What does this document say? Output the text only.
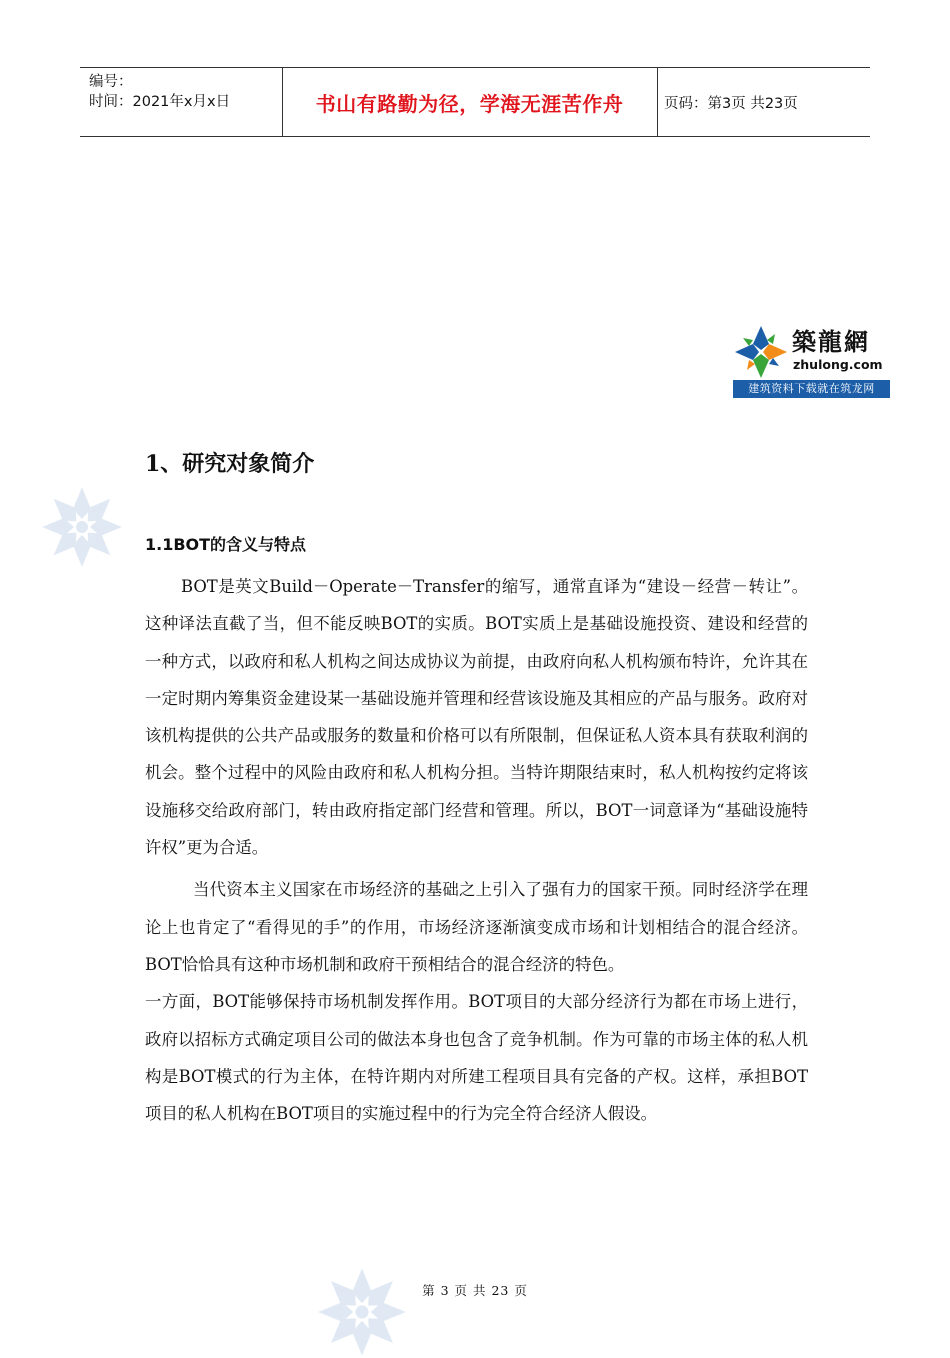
编号：
时间：2021年x月x日	书山有路勤为径，学海无涯苦作舟	页码：第3页 共23页
築龍網
zhulong.com
建筑资料下载就在筑龙网
1、研究对象简介
1.1BOT的含义与特点

BOT是英文Build－Operate－Transfer的缩写，通常直译为“建设－经营－转让”。这种译法直截了当，但不能反映BOT的实质。BOT实质上是基础设施投资、建设和经营的一种方式，以政府和私人机构之间达成协议为前提，由政府向私人机构颁布特许，允许其在一定时期内筹集资金建设某一基础设施并管理和经营该设施及其相应的产品与服务。政府对该机构提供的公共产品或服务的数量和价格可以有所限制，但保证私人资本具有获取利润的机会。整个过程中的风险由政府和私人机构分担。当特许期限结束时，私人机构按约定将该设施移交给政府部门，转由政府指定部门经营和管理。所以，BOT一词意译为“基础设施特许权”更为合适。

当代资本主义国家在市场经济的基础之上引入了强有力的国家干预。同时经济学在理论上也肯定了“看得见的手”的作用，市场经济逐渐演变成市场和计划相结合的混合经济。BOT恰恰具有这种市场机制和政府干预相结合的混合经济的特色。

一方面，BOT能够保持市场机制发挥作用。BOT项目的大部分经济行为都在市场上进行，政府以招标方式确定项目公司的做法本身也包含了竞争机制。作为可靠的市场主体的私人机构是BOT模式的行为主体，在特许期内对所建工程项目具有完备的产权。这样，承担BOT项目的私人机构在BOT项目的实施过程中的行为完全符合经济人假设。

第 3 页 共 23 页
